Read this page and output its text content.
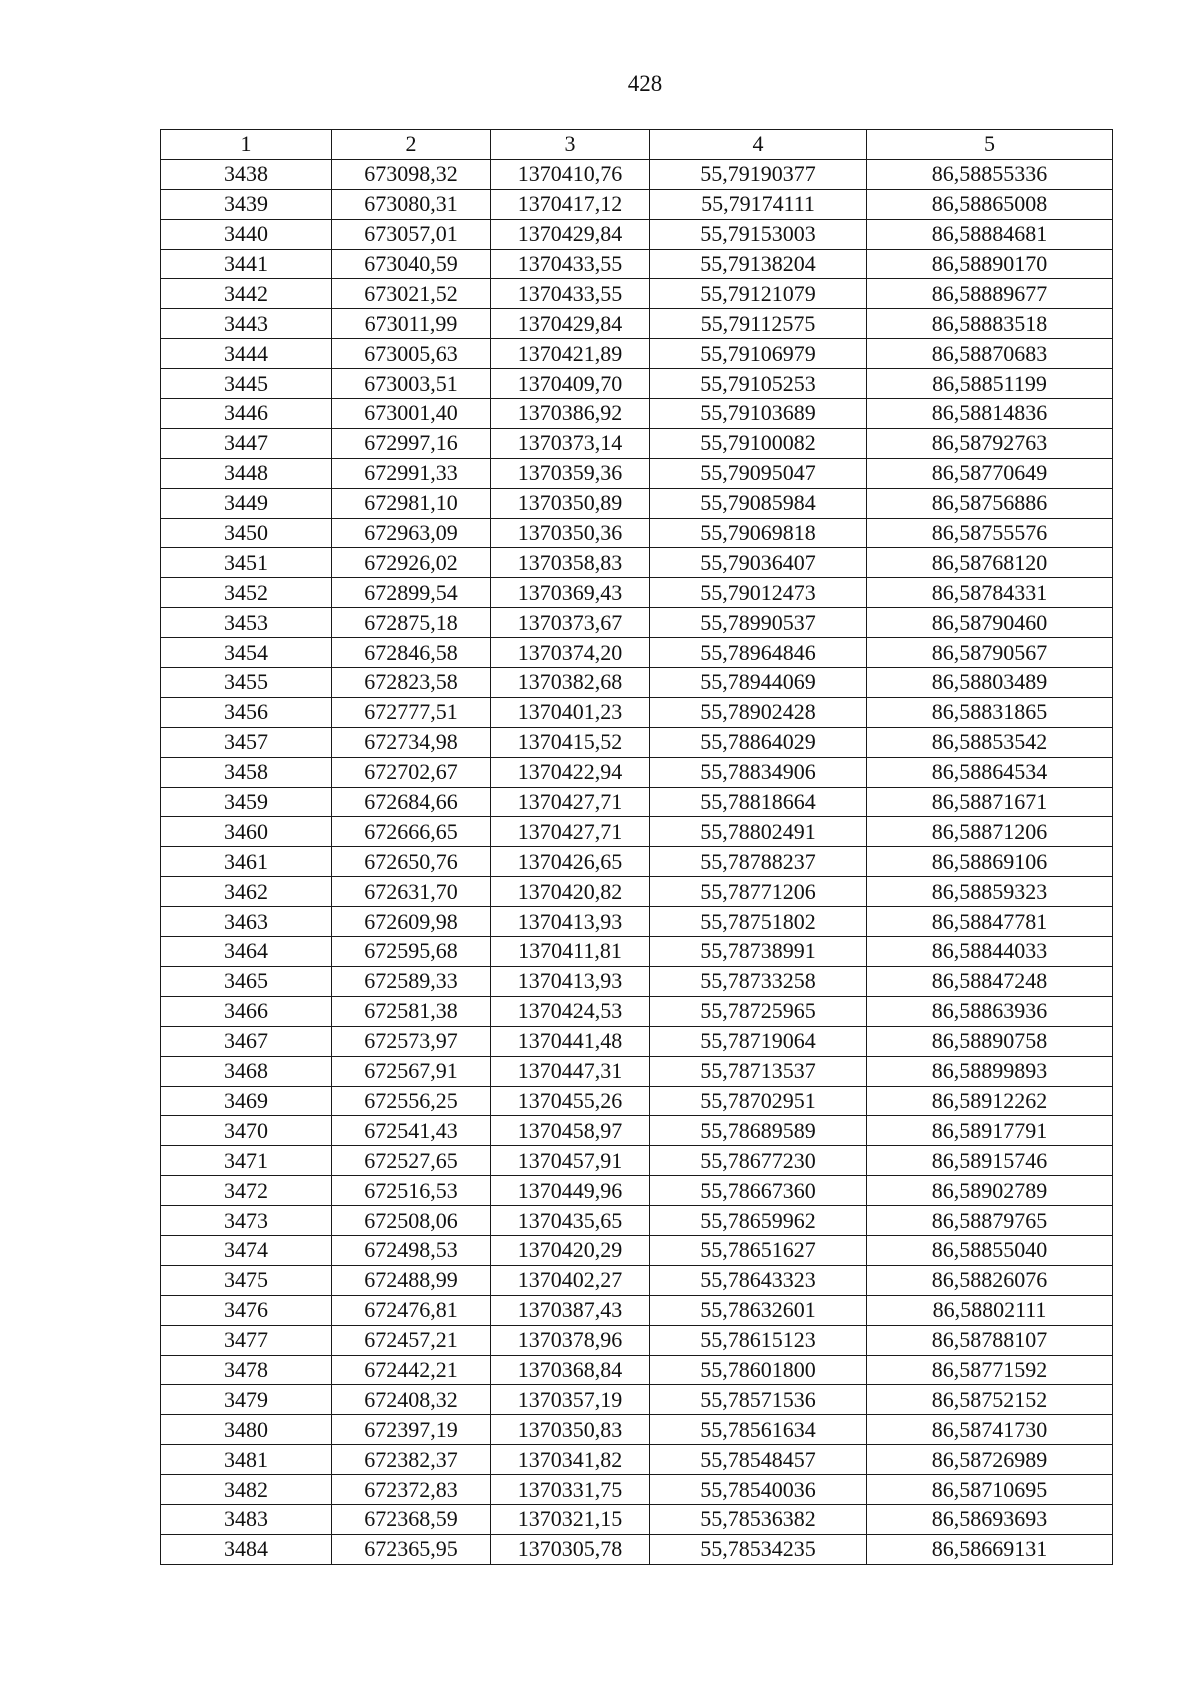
428
1	2	3	4	5
3438	673098,32	1370410,76	55,79190377	86,58855336
3439	673080,31	1370417,12	55,79174111	86,58865008
3440	673057,01	1370429,84	55,79153003	86,58884681
3441	673040,59	1370433,55	55,79138204	86,58890170
3442	673021,52	1370433,55	55,79121079	86,58889677
3443	673011,99	1370429,84	55,79112575	86,58883518
3444	673005,63	1370421,89	55,79106979	86,58870683
3445	673003,51	1370409,70	55,79105253	86,58851199
3446	673001,40	1370386,92	55,79103689	86,58814836
3447	672997,16	1370373,14	55,79100082	86,58792763
3448	672991,33	1370359,36	55,79095047	86,58770649
3449	672981,10	1370350,89	55,79085984	86,58756886
3450	672963,09	1370350,36	55,79069818	86,58755576
3451	672926,02	1370358,83	55,79036407	86,58768120
3452	672899,54	1370369,43	55,79012473	86,58784331
3453	672875,18	1370373,67	55,78990537	86,58790460
3454	672846,58	1370374,20	55,78964846	86,58790567
3455	672823,58	1370382,68	55,78944069	86,58803489
3456	672777,51	1370401,23	55,78902428	86,58831865
3457	672734,98	1370415,52	55,78864029	86,58853542
3458	672702,67	1370422,94	55,78834906	86,58864534
3459	672684,66	1370427,71	55,78818664	86,58871671
3460	672666,65	1370427,71	55,78802491	86,58871206
3461	672650,76	1370426,65	55,78788237	86,58869106
3462	672631,70	1370420,82	55,78771206	86,58859323
3463	672609,98	1370413,93	55,78751802	86,58847781
3464	672595,68	1370411,81	55,78738991	86,58844033
3465	672589,33	1370413,93	55,78733258	86,58847248
3466	672581,38	1370424,53	55,78725965	86,58863936
3467	672573,97	1370441,48	55,78719064	86,58890758
3468	672567,91	1370447,31	55,78713537	86,58899893
3469	672556,25	1370455,26	55,78702951	86,58912262
3470	672541,43	1370458,97	55,78689589	86,58917791
3471	672527,65	1370457,91	55,78677230	86,58915746
3472	672516,53	1370449,96	55,78667360	86,58902789
3473	672508,06	1370435,65	55,78659962	86,58879765
3474	672498,53	1370420,29	55,78651627	86,58855040
3475	672488,99	1370402,27	55,78643323	86,58826076
3476	672476,81	1370387,43	55,78632601	86,58802111
3477	672457,21	1370378,96	55,78615123	86,58788107
3478	672442,21	1370368,84	55,78601800	86,58771592
3479	672408,32	1370357,19	55,78571536	86,58752152
3480	672397,19	1370350,83	55,78561634	86,58741730
3481	672382,37	1370341,82	55,78548457	86,58726989
3482	672372,83	1370331,75	55,78540036	86,58710695
3483	672368,59	1370321,15	55,78536382	86,58693693
3484	672365,95	1370305,78	55,78534235	86,58669131
